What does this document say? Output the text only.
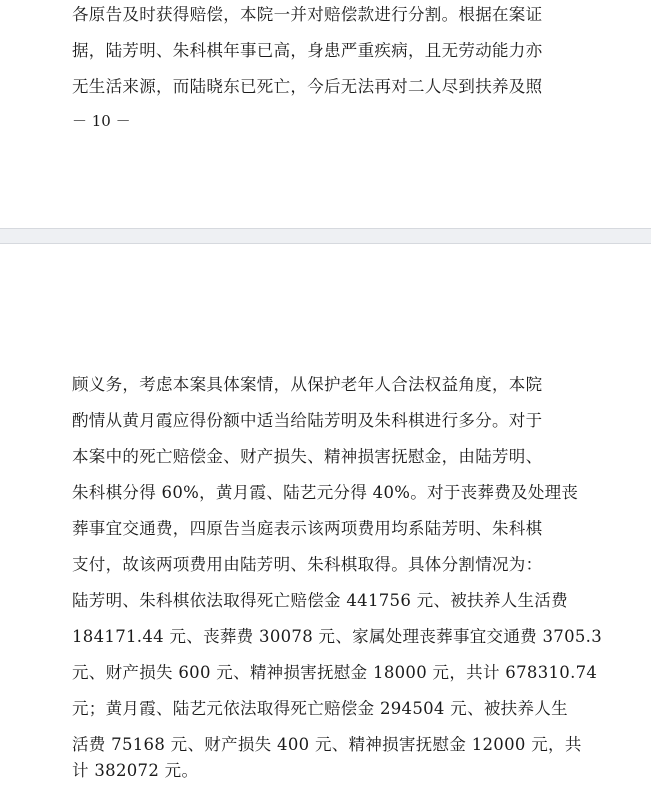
各原告及时获得赔偿，本院一并对赔偿款进行分割。根据在案证
据，陆芳明、朱科棋年事已高，身患严重疾病，且无劳动能力亦
无生活来源，而陆晓东已死亡，今后无法再对二人尽到扶养及照
－ 10 －
顾义务，考虑本案具体案情，从保护老年人合法权益角度，本院
酌情从黄月霞应得份额中适当给陆芳明及朱科棋进行多分。对于
本案中的死亡赔偿金、财产损失、精神损害抚慰金，由陆芳明、
朱科棋分得 60%，黄月霞、陆艺元分得 40%。对于丧葬费及处理丧
葬事宜交通费，四原告当庭表示该两项费用均系陆芳明、朱科棋
支付，故该两项费用由陆芳明、朱科棋取得。具体分割情况为：
陆芳明、朱科棋依法取得死亡赔偿金 441756 元、被扶养人生活费
184171.44 元、丧葬费 30078 元、家属处理丧葬事宜交通费 3705.3
元、财产损失 600 元、精神损害抚慰金 18000 元，共计 678310.74
元；黄月霞、陆艺元依法取得死亡赔偿金 294504 元、被扶养人生
活费 75168 元、财产损失 400 元、精神损害抚慰金 12000 元，共
计 382072 元。
